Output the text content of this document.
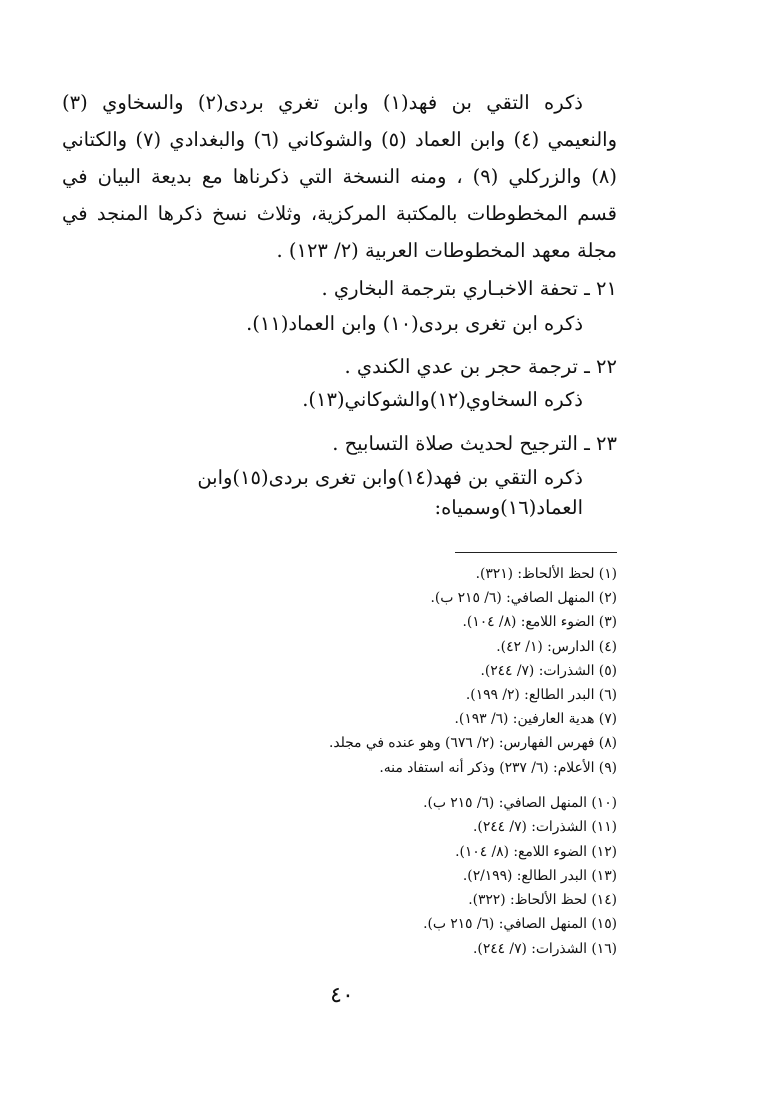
ذكره التقي بن فهد(١) وابن تغري بردى(٢) والسخاوي (٣) والنعيمي (٤) وابن العماد (٥) والشوكاني (٦) والبغدادي (٧) والكتاني (٨) والزركلي (٩) ، ومنه النسخة التي ذكرناها مع بديعة البيان في قسم المخطوطات بالمكتبة المركزية، وثلاث نسخ ذكرها المنجد في مجلة معهد المخطوطات العربية (٢/ ١٢٣) .

٢١ ـ تحفة الاخبـاري بترجمة البخاري .

ذكره ابن تغرى بردى(١٠) وابن العماد(١١).

٢٢ ـ ترجمة حجر بن عدي الكندي .

ذكره السخاوي(١٢)والشوكاني(١٣).

٢٣ ـ الترجيح لحديث صلاة التسابيح .

ذكره التقي بن فهد(١٤)وابن تغرى بردى(١٥)وابن العماد(١٦)وسمياه:

(١) لحظ الألحاظ: (٣٢١).
(٢) المنهل الصافي: (٦/ ٢١٥ ب).
(٣) الضوء اللامع: (٨/ ١٠٤).
(٤) الدارس: (١/ ٤٢).
(٥) الشذرات: (٧/ ٢٤٤).
(٦) البدر الطالع: (٢/ ١٩٩).
(٧) هدية العارفين: (٦/ ١٩٣).
(٨) فهرس الفهارس: (٢/ ٦٧٦) وهو عنده في مجلد.
(٩) الأعلام: (٦/ ٢٣٧) وذكر أنه استفاد منه.
(١٠) المنهل الصافي: (٦/ ٢١٥ ب).
(١١) الشذرات: (٧/ ٢٤٤).
(١٢) الضوء اللامع: (٨/ ١٠٤).
(١٣) البدر الطالع: (٢/١٩٩).
(١٤) لحظ الألحاظ: (٣٢٢).
(١٥) المنهل الصافي: (٦/ ٢١٥ ب).
(١٦) الشذرات: (٧/ ٢٤٤).
٤٠
